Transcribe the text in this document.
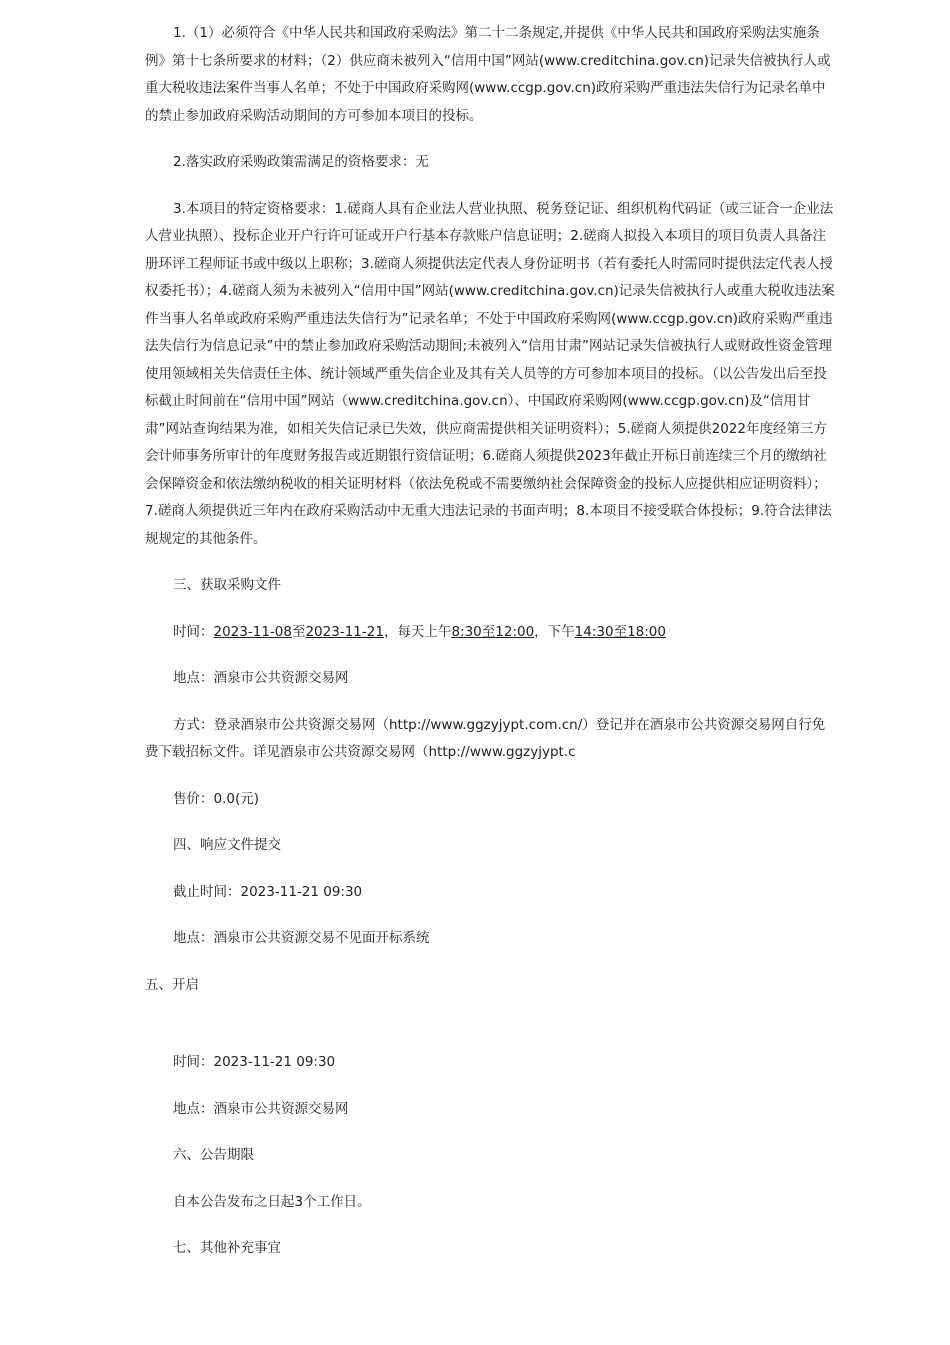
1.（1）必须符合《中华人民共和国政府采购法》第二十二条规定,并提供《中华人民共和国政府采购法实施条例》第十七条所要求的材料；（2）供应商未被列入“信用中国”网站(www.creditchina.gov.cn)记录失信被执行人或重大税收违法案件当事人名单；不处于中国政府采购网(www.ccgp.gov.cn)政府采购严重违法失信行为记录名单中的禁止参加政府采购活动期间的方可参加本项目的投标。

2.落实政府采购政策需满足的资格要求：无

3.本项目的特定资格要求：1.磋商人具有企业法人营业执照、税务登记证、组织机构代码证（或三证合一企业法人营业执照）、投标企业开户行许可证或开户行基本存款账户信息证明；2.磋商人拟投入本项目的项目负责人具备注册环评工程师证书或中级以上职称；3.磋商人须提供法定代表人身份证明书（若有委托人时需同时提供法定代表人授权委托书）；4.磋商人须为未被列入“信用中国”网站(www.creditchina.gov.cn)记录失信被执行人或重大税收违法案件当事人名单或政府采购严重违法失信行为”记录名单；不处于中国政府采购网(www.ccgp.gov.cn)政府采购严重违法失信行为信息记录”中的禁止参加政府采购活动期间;未被列入“信用甘肃”网站记录失信被执行人或财政性资金管理使用领域相关失信责任主体、统计领域严重失信企业及其有关人员等的方可参加本项目的投标。（以公告发出后至投标截止时间前在“信用中国”网站（www.creditchina.gov.cn）、中国政府采购网(www.ccgp.gov.cn)及“信用甘肃”网站查询结果为准，如相关失信记录已失效，供应商需提供相关证明资料）；5.磋商人须提供2022年度经第三方会计师事务所审计的年度财务报告或近期银行资信证明；6.磋商人须提供2023年截止开标日前连续三个月的缴纳社会保障资金和依法缴纳税收的相关证明材料（依法免税或不需要缴纳社会保障资金的投标人应提供相应证明资料）；7.磋商人须提供近三年内在政府采购活动中无重大违法记录的书面声明；8.本项目不接受联合体投标；9.符合法律法规规定的其他条件。

三、获取采购文件

时间：2023-11-08至2023-11-21，每天上午8:30至12:00，下午14:30至18:00

地点：酒泉市公共资源交易网

方式：登录酒泉市公共资源交易网（http://www.ggzyjypt.com.cn/）登记并在酒泉市公共资源交易网自行免费下载招标文件。详见酒泉市公共资源交易网（http://www.ggzyjypt.c

售价：0.0(元)

四、响应文件提交

截止时间：2023-11-21 09:30

地点：酒泉市公共资源交易不见面开标系统

五、开启

时间：2023-11-21 09:30

地点：酒泉市公共资源交易网

六、公告期限

自本公告发布之日起3个工作日。

七、其他补充事宜
